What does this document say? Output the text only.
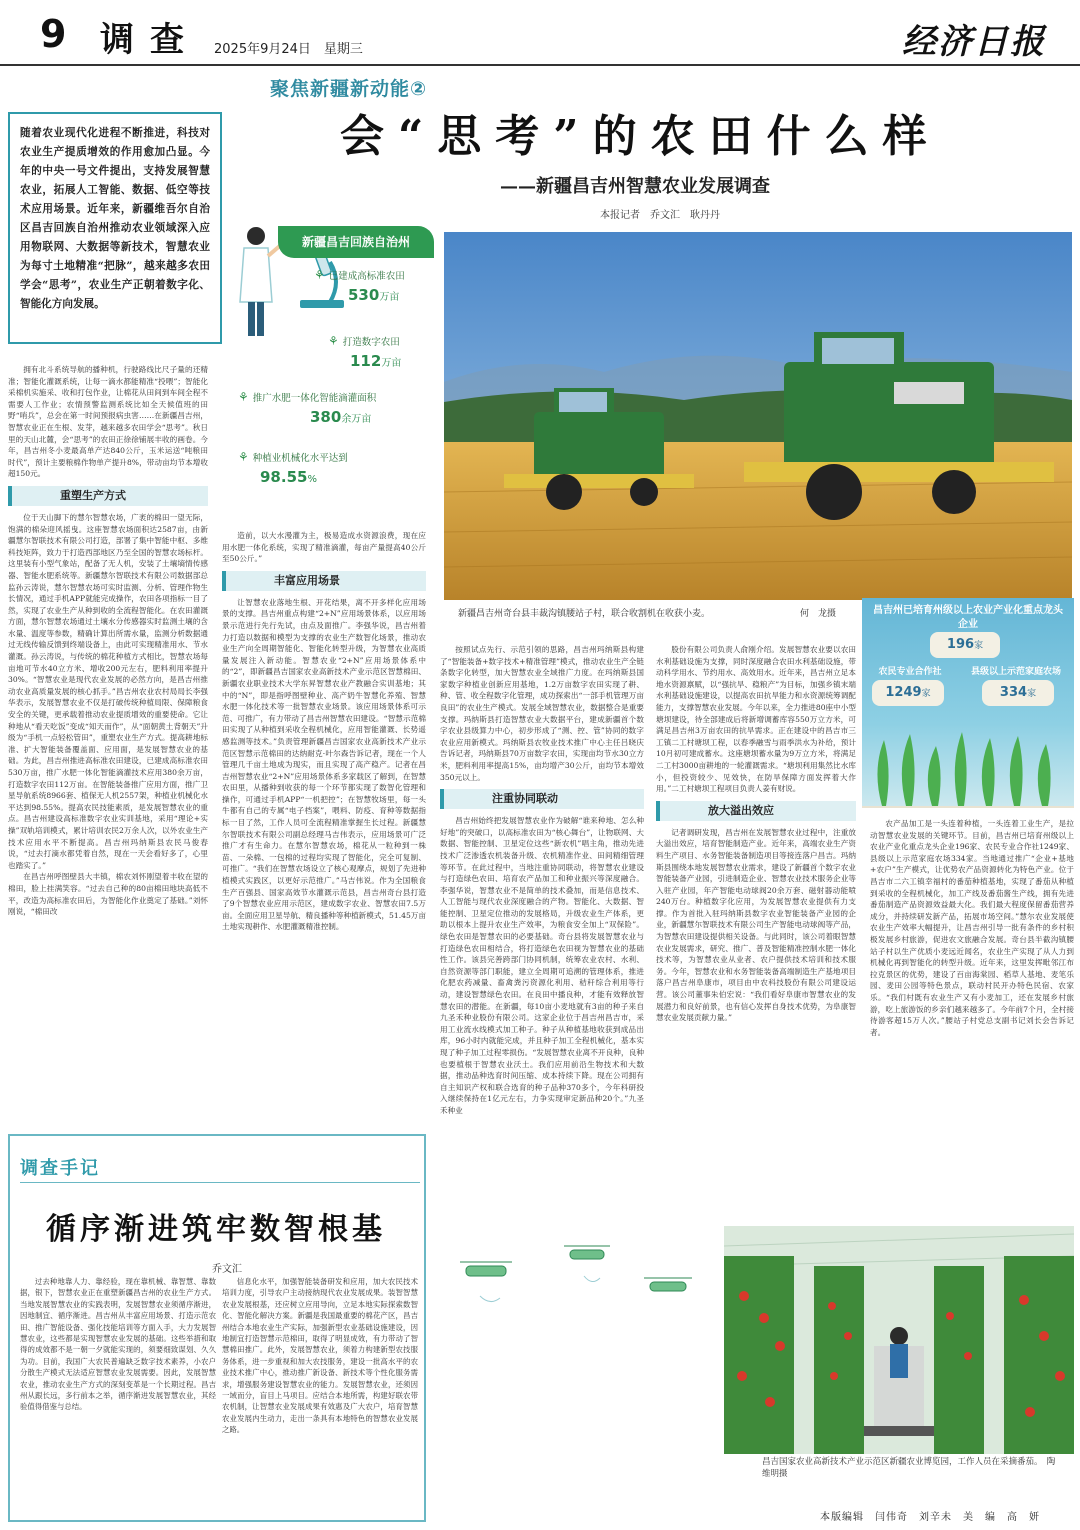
9 调查 2025年9月24日　星期三	经济日报
聚焦新疆新动能②
会“思考”的农田什么样
——新疆昌吉州智慧农业发展调查
本报记者　乔文汇　耿丹丹
随着农业现代化进程不断推进，科技对农业生产提质增效的作用愈加凸显。今年的中央一号文件提出，支持发展智慧农业，拓展人工智能、数据、低空等技术应用场景。近年来，新疆维吾尔自治区昌吉回族自治州推动农业领域深入应用物联网、大数据等新技术，智慧农业为每寸土地精准“把脉”，越来越多农田学会“思考”，农业生产正朝着数字化、智能化方向发展。
新疆昌吉回族自治州
⚘ 已建成高标准农田
530万亩
⚘ 打造数字农田
112万亩
⚘ 推广水肥一体化智能滴灌面积
380余万亩
⚘ 种植业机械化水平达到
98.55%
新疆昌吉州奇台县丰裁沟镇腰站子村，联合收割机在收获小麦。	何　龙摄	昌吉州已培育州级以上农业产业化重点龙头企业
196家
农民专业合作社	县级以上示范家庭农场
1249家	334家

拥有北斗系统导航的播种机，行驶路线比尺子量的还精准；智能化灌溉系统，让每一滴水都能精准“投喂”；智能化采棉机实施采、收和打包作业，让棉花从田间到车间全程不需要人工作业；农情预警监测系统比如全天候值班的田野“哨兵”，总会在第一时间预报病虫害……在新疆昌吉州，智慧农业正在生根、发芽，越来越多农田学会“思考”。秋日里的天山北麓，会“思考”的农田正徐徐铺展丰收的画卷。今年，昌吉州冬小麦最高单产达840公斤，玉米运送“吨粮田时代”，预计主要粮棉作物单产提升8%，带动亩均节本增收超150元。

重塑生产方式

位于天山脚下的慧尔智慧农场，广袤的棉田一望无际，饱满的棉朵迎风摇曳。这座智慧农场面积达2587亩，由新疆慧尔智联技术有限公司打造，部署了集中智能中枢、多维科技矩阵，致力于打造西部地区乃至全国的智慧农场标杆。这里装有小型气象站，配备了无人机，安装了土壤墒情传感器、智能水肥系统等。新疆慧尔智联技术有限公司数据部总监孙云涛说，慧尔智慧农场可实时监测、分析、管理作物生长情况，通过手机APP就能完成操作，农田各项指标一目了然，实现了农业生产从种到收的全流程智能化。在农田灌溉方面，慧尔智慧农场通过土壤水分传感器实时监测土壤的含水量、温度等参数，精确计算出所需水量，监测分析数据通过无线传输反馈到终端设备上，由此可实现精准用水、节水灌溉。孙云涛说，与传统的棉花种植方式相比，智慧农场每亩地可节水40立方米、增收200元左右，肥料利用率提升30%。“智慧农业是现代农业发展的必然方向，是昌吉州推动农业高质量发展的核心抓手。”昌吉州农业农村局局长李强华表示，发展智慧农业不仅是打破传统种植局限、保障粮食安全的关键，更承载着推动农业提质增效的重要使命。它让种地从“看天吃饭”变成“知天而作”，从“面朝黄土背朝天”升级为“手机一点轻松管田”，重塑农业生产方式。提高耕地标准、扩大智能装备覆盖面、应用面，是发展智慧农业的基础。为此，昌吉州推进高标准农田建设，已建成高标准农田530万亩，推广水肥一体化智能滴灌技术应用380余万亩，打造数字农田112万亩。在智能装备推广应用方面，推广卫星导航系统8966套、植保无人机2557架，种植业机械化水平达到98.55%。提高农民技能素质，是发展智慧农业的重点。昌吉州建设高标准数字农业实训基地，采用“理论+实操”双轨培训模式，累计培训农民2万余人次，以外农业生产技术应用水平不断提高。昌吉州玛纳斯县农民马俊春说，“过去打滴水都凭着自然，现在一天会看好多了，心里也踏实了。”

在昌吉州呼图壁县大丰镇，棉农刘怀刚望着丰收在望的棉田，脸上挂满笑容。“过去自己种的80亩棉田地块高低不平，改造为高标准农田后，为智能化作业奠定了基础。”刘怀刚说，“棉田改

造前，以大水漫灌为主，极易造成水资源浪费，现在应用水肥一体化系统，实现了精准滴灌，每亩产量提高40公斤至50公斤。”

丰富应用场景

让智慧农业落地生根、开花结果，离不开多样化应用场景的支撑。昌吉州重点构建“2+N”应用场景体系，以应用场景示范进行先行先试，由点及面推广。李强华说，昌吉州着力打造以数据和模型为支撑的农业生产数智化场景，推动农业生产向全周期智能化、智能化转型升级，为智慧农业高质量发展注入新动能。智慧农业“2+N”应用场景体系中的“2”，即新疆昌吉国家农业高新技术产业示范区智慧棉田、新疆农业职业技术大学东昇智慧农业产教融合实训基地；其中的“N”，即是指呼图壁种业、高产奶牛智慧化养殖、智慧水肥一体化技术等一批智慧农业场景。该应用场景体系可示范、可推广，有力带动了昌吉州智慧农田建设。“智慧示范棉田实现了从种植到采收全程机械化，应用智能灌溉、长势遥感监测等技术。”负责管理新疆昌吉国家农业高新技术产业示范区智慧示范棉田的达纳耐克·叶尔森告诉记者，现在一个人管理几千亩土地成为现实，而且实现了高产稳产。记者在昌吉州智慧农业“2+N”应用场景体系多家载区了解到，在智慧农田里，从播种到收获的每一个环节都实现了数智化管理和操作，可通过手机APP“一机把控”；在智慧牧场里，每一头牛都有自己的专属“电子档案”，喂料、防疫、育种等数据指标一目了然，工作人员可全流程精准掌握生长过程。新疆慧尔智联技术有限公司副总经理马吉伟表示，应用场景可广泛推广才有生命力。在慧尔智慧农场，棉花从一粒种到一株苗、一朵棉、一包棉的过程均实现了智能化，完全可复制、可推广。“我们在智慧农场设立了核心观摩点，规划了先进种植模式实践区，以更好示范推广。”马吉伟说。作为全国粮食生产百强县、国家高效节水灌溉示范县，昌吉州奇台县打造了9个智慧农业应用示范区，建成数字农业、智慧农田7.5万亩。全面应用卫星导航、精良播种等种植新模式，51.45万亩土地实现耕作、水肥灌溉精准控制。

按照试点先行、示范引领的思路，昌吉州玛纳斯县构建了“智能装备+数字技术+精准管理”模式，推动农业生产全链条数字化转型，加大智慧农业全域推广力度。在玛纳斯县国家数字种植业创新应用基地，1.2万亩数字农田实现了耕、种、管、收全程数字化管理，成功探索出“一部手机管理万亩良田”的农业生产模式。发展全域智慧农业，数据整合是重要支撑。玛纳斯县打造智慧农业大数据平台，建成新疆首个数字农业县级算力中心，初步形成了“测、控、管”协同的数字农业应用新模式。玛纳斯县农牧业技术推广中心主任吕晓庆告诉记者，玛纳斯县70万亩数字农田，实现亩均节水30立方米，肥料利用率提高15%，亩均增产30公斤，亩均节本增效350元以上。

注重协同联动

昌吉州始终把发展智慧农业作为破解“谁来种地、怎么种好地”的突破口，以高标准农田为“核心舞台”，让物联网、大数据、智能控制、卫星定位这些“新农机”唱主角，推动先进技术广泛渗透农机装备升级、农机精准作业、田间精细管理等环节。在此过程中，当地注重协同联动，将智慧农业建设与打造绿色农田、培育农产品加工和种业振兴等深度融合。李强华说，智慧农业不是简单的技术叠加，而是信息技术、人工智能与现代农业深度融合的产物。智能化、大数据、智能控制、卫星定位推动的发展格局，升级农业生产体系，更助以根本上提升农业生产效率，为粮食安全加上“双保险”。绿色农田是智慧农田的必要基础。奇台县将发展智慧农业与打造绿色农田相结合，将打造绿色农田视为智慧农业的基础性工作。该县完善跨部门协同机制，统筹农业农村、水利、自然资源等部门职能，建立全周期可追溯的管理体系，推进化肥农药减量、畜禽粪污资源化利用、秸秆综合利用等行动，建设智慧绿色农田。在良田中播良种，才能有效释放智慧农田的潜能。在新疆，每10亩小麦地就有3亩的种子来自九圣禾种业股份有限公司。这家企业位于昌吉州昌吉市，采用工业流水线模式加工种子。种子从种植基地收获到成品出库，96小时内就能完成，并且种子加工全程机械化，基本实现了种子加工过程零损伤。“发展智慧农业离不开良种，良种也要植根于智慧农业沃土。我们应用前沿生物技术和大数据，推动品种选育时间压缩、成本持续下降。现在公司拥有自主知识产权和联合选育的种子品种370多个，今年科研投入继续保持在1亿元左右，力争实现审定新品种20个。”九圣禾种业

股份有限公司负责人俞刚介绍。发展智慧农业要以农田水利基础设施为支撑，同时深度融合农田水利基础设施，带动科学用水、节约用水、高效用水。近年来，昌吉州立足本地水资源禀赋，以“强抗旱、稳粮产”为目标，加强乡镇末端水利基础设施建设，以提高农田抗旱能力和水资源统筹调配能力，支撑智慧农业发展。今年以来，全力推进80座中小型塘坝建设，待全部建成后将新增调蓄库容550万立方米，可满足昌吉州3万亩农田的抗旱需求。正在建设中的昌吉市三工镇二工村塘坝工程，以春季融雪与雨季洪水为补给，预计10月初可建成蓄水。这座塘坝蓄水量为9万立方米，将满足二工村3000亩耕地的一轮灌溉需求。“塘坝利用集然比水库小，但投资较少、见效快，在防旱保障方面发挥着大作用。”二工村塘坝工程项目负责人姜有财说。

放大溢出效应

记者调研发现，昌吉州在发展智慧农业过程中，注重放大溢出效应，培育智能制造产业。近年来，高端农业生产资料生产项目、水务智能装备制造项目等接连落户昌吉。玛纳斯县围绕本地发展智慧农业需求，建设了新疆首个数字农业智能装备产业园，引进制造企业、智慧农业技术服务企业等入驻产业园，年产智能电动球阀20余万套、磁射器动能喷240万台。种植数字化应用，为发展智慧农业提供有力支撑。作为首批入驻玛纳斯县数字农业智能装备产业园的企业，新疆慧尔智联技术有限公司生产智能电动球阀等产品，为智慧农田建设提供相关设备。与此同时，该公司着眼智慧农业发展需求，研究、推广、普及智能精准控制水肥一体化技术等，为智慧农业从业者、农户提供技术培训和技术服务。今年，智慧农业和水务智能装备高端制造生产基地项目落户昌吉州阜康市，项目由中农科技股份有限公司建设运营。该公司董事朱伯宏说：“我们看好阜康市智慧农业的发展潜力和良好前景，也有信心发挥自身技术优势，为阜康智慧农业发展贡献力量。”

农产品加工是一头连着种植，一头连着工业生产，是拉动智慧农业发展的关键环节。目前，昌吉州已培育州级以上农业产业化重点龙头企业196家、农民专业合作社1249家、县级以上示范家庭农场334家。当地通过推广“企业+基地+农户”生产模式，让优势农产品资源转化为特色产业。位于昌吉市二六工镇幸福村的番茄种植基地，实现了番茄从种植到采收的全程机械化，加工产线及番茄酱生产线，拥有先进番茄制造产品资源效益最大化。我们最大程度保留番茄营养成分，并持续研发新产品，拓展市场空间。”慧尔农业发展使农业生产效率大幅提升，让昌吉州引导一批有条件的乡村积极发展乡村旅游，促进农文旅融合发展。奇台县半截沟镇腰站子村以生产优质小麦远近闻名，农业生产实现了从人力到机械化再到智能化的转型升级。近年来，这里发挥毗邻江布拉克景区的优势，建设了百亩海棠园、稻草人基地、麦笔乐园、麦田公园等特色景点，联动村民开办特色民宿、农家乐。“我们村既有农业生产又有小麦加工，还在发展乡村旅游，吃上旅游饭的乡亲们越来越多了。今年前7个月，全村接待游客超15万人次。”腰站子村党总支副书记刘长会告诉记者。

调查手记
循序渐进筑牢数智根基
乔文汇

过去种地靠人力、靠经验，现在靠机械、靠智慧、靠数据，银下，智慧农业正在重塑新疆昌吉州的农业生产方式。当地发展智慧农业的实践表明，发展智慧农业须循序渐进，因地制宜、循序渐进。昌吉州从丰富应用场景、打造示范农田、推广智能设备、强化技能培训等方面入手，大力发展智慧农业，这些都是实现智慧农业发展的基础。这些举措和取得的成效都不是一朝一夕就能实现的，须要细致谋划、久久为功。目前，我国广大农民普遍缺乏数字技术素养，小农户分散生产模式无法适应智慧农业发展需要。因此，发展智慧农业，推动农业生产方式的深刻变革是一个长期过程。昌吉州从跟长远，多行前本之举，循序渐进发展智慧农业，其经验值得借鉴与总结。

信息化水平，加强智能装备研发和应用，加大农民技术培训力度，引导农户主动接纳现代农业发展成果。装智智慧农业发展根基，还应树立应用导向，立足本地实际探索数智化、智能化解决方案。新疆是我国最重要的棉花产区，昌吉州结合本地农业生产实际，加强新型农业基础设施建设，因地制宜打造智慧示范棉田，取得了明显成效，有力带动了智慧棉田推广。此外，发展智慧农业，须着力构建新型农技服务体系，进一步重视和加大农技服务，建设一批高水平的农业技术推广中心，推动推广新设备、新技术等个性化服务需求，增强服务建设智慧农业的能力。发展智慧农业，还须因一域而分，盲目上马项目。应结合本地所需，构建好联农带农机制，让智慧农业发展成果有效惠及广大农户，培育智慧农业发展内生动力，走出一条具有本地特色的智慧农业发展之路。

昌吉国家农业高新技术产业示范区新疆农业博览园，工作人员在采摘番茄。　陶维明摄
本版编辑　闫伟奇　刘辛未　美　编　高　妍
